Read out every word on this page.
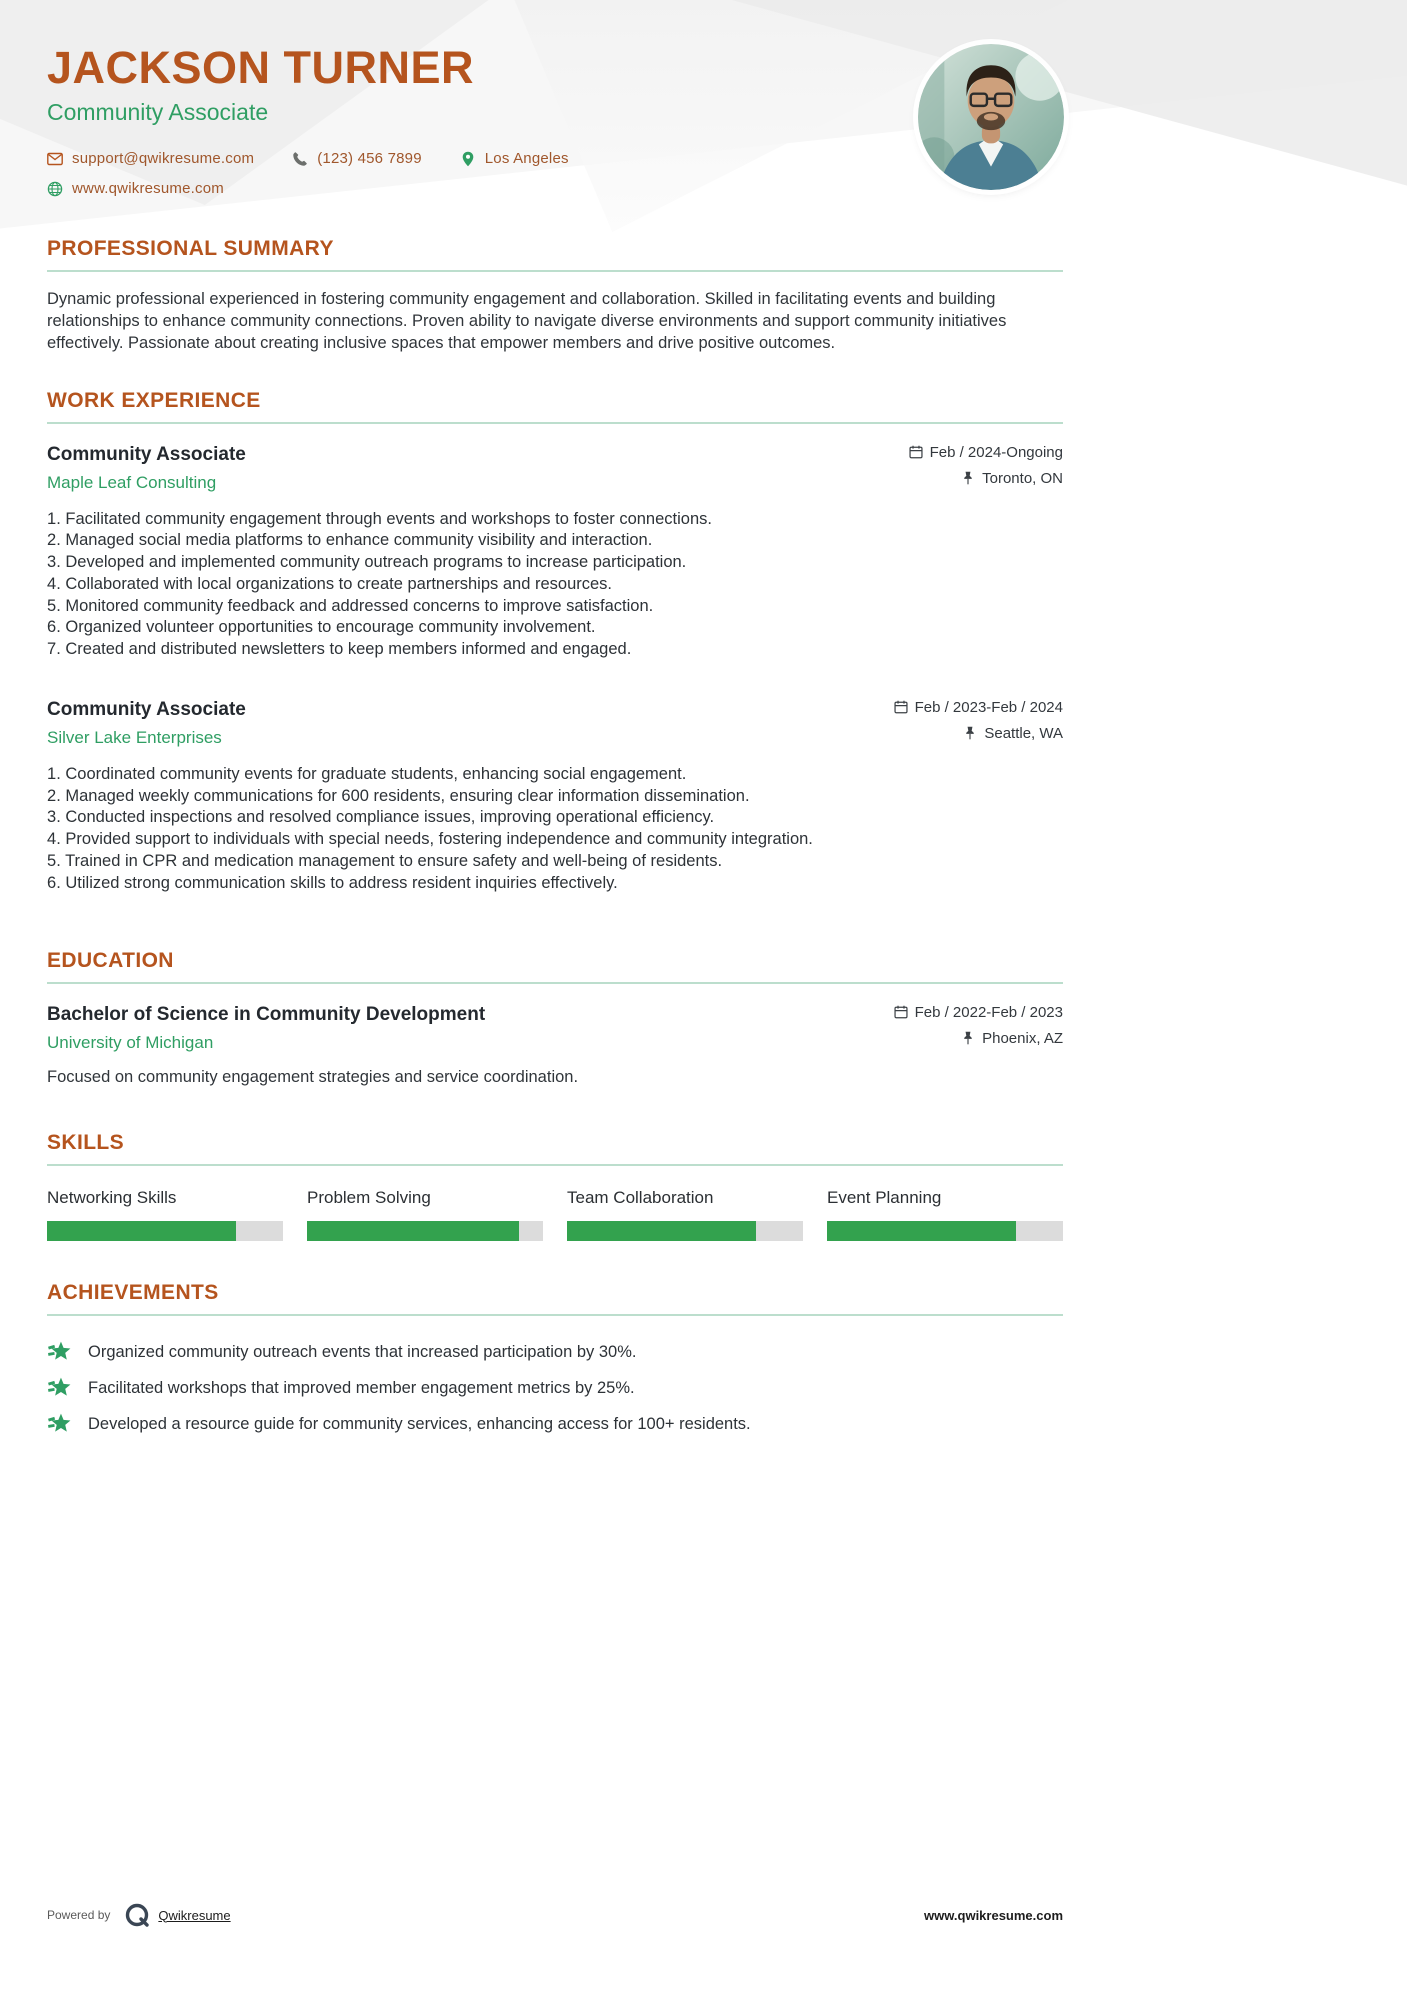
JACKSON TURNER
Community Associate
support@qwikresume.com	(123) 456 7899	Los Angeles
www.qwikresume.com
PROFESSIONAL SUMMARY

Dynamic professional experienced in fostering community engagement and collaboration. Skilled in facilitating events and building relationships to enhance community connections. Proven ability to navigate diverse environments and support community initiatives effectively. Passionate about creating inclusive spaces that empower members and drive positive outcomes.

WORK EXPERIENCE
Community Associate
Maple Leaf Consulting
Feb / 2024-Ongoing
Toronto, ON
Facilitated community engagement through events and workshops to foster connections.
Managed social media platforms to enhance community visibility and interaction.
Developed and implemented community outreach programs to increase participation.
Collaborated with local organizations to create partnerships and resources.
Monitored community feedback and addressed concerns to improve satisfaction.
Organized volunteer opportunities to encourage community involvement.
Created and distributed newsletters to keep members informed and engaged.
Community Associate
Silver Lake Enterprises
Feb / 2023-Feb / 2024
Seattle, WA
Coordinated community events for graduate students, enhancing social engagement.
Managed weekly communications for 600 residents, ensuring clear information dissemination.
Conducted inspections and resolved compliance issues, improving operational efficiency.
Provided support to individuals with special needs, fostering independence and community integration.
Trained in CPR and medication management to ensure safety and well-being of residents.
Utilized strong communication skills to address resident inquiries effectively.
EDUCATION
Bachelor of Science in Community Development
University of Michigan
Feb / 2022-Feb / 2023
Phoenix, AZ

Focused on community engagement strategies and service coordination.

SKILLS
Networking Skills	Problem Solving	Team Collaboration	Event Planning
ACHIEVEMENTS
Organized community outreach events that increased participation by 30%.
Facilitated workshops that improved member engagement metrics by 25%.
Developed a resource guide for community services, enhancing access for 100+ residents.
Powered by	Qwikresume	www.qwikresume.com
